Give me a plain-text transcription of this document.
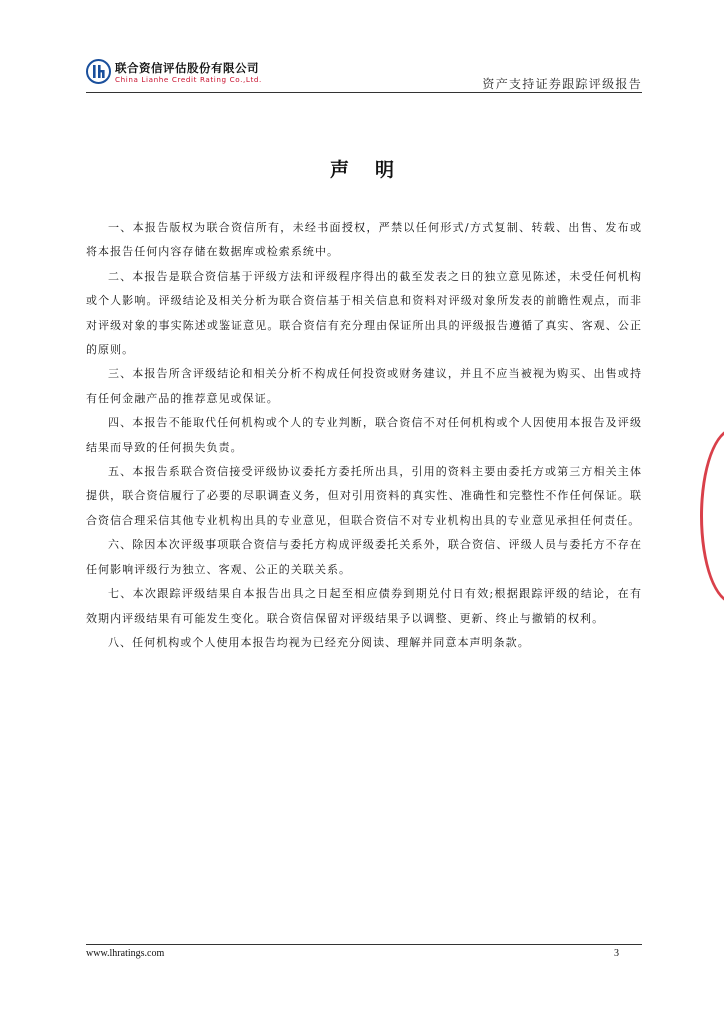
联合资信评估股份有限公司
China Lianhe Credit Rating Co.,Ltd.	资产支持证券跟踪评级报告
声明

一、本报告版权为联合资信所有，未经书面授权，严禁以任何形式/方式复制、转载、出售、发布或将本报告任何内容存储在数据库或检索系统中。

二、本报告是联合资信基于评级方法和评级程序得出的截至发表之日的独立意见陈述，未受任何机构或个人影响。评级结论及相关分析为联合资信基于相关信息和资料对评级对象所发表的前瞻性观点，而非对评级对象的事实陈述或鉴证意见。联合资信有充分理由保证所出具的评级报告遵循了真实、客观、公正的原则。

三、本报告所含评级结论和相关分析不构成任何投资或财务建议，并且不应当被视为购买、出售或持有任何金融产品的推荐意见或保证。

四、本报告不能取代任何机构或个人的专业判断，联合资信不对任何机构或个人因使用本报告及评级结果而导致的任何损失负责。

五、本报告系联合资信接受评级协议委托方委托所出具，引用的资料主要由委托方或第三方相关主体提供，联合资信履行了必要的尽职调查义务，但对引用资料的真实性、准确性和完整性不作任何保证。联合资信合理采信其他专业机构出具的专业意见，但联合资信不对专业机构出具的专业意见承担任何责任。

六、除因本次评级事项联合资信与委托方构成评级委托关系外，联合资信、评级人员与委托方不存在任何影响评级行为独立、客观、公正的关联关系。

七、本次跟踪评级结果自本报告出具之日起至相应债券到期兑付日有效;根据跟踪评级的结论，在有效期内评级结果有可能发生变化。联合资信保留对评级结果予以调整、更新、终止与撤销的权利。

八、任何机构或个人使用本报告均视为已经充分阅读、理解并同意本声明条款。

www.lhratings.com	3
